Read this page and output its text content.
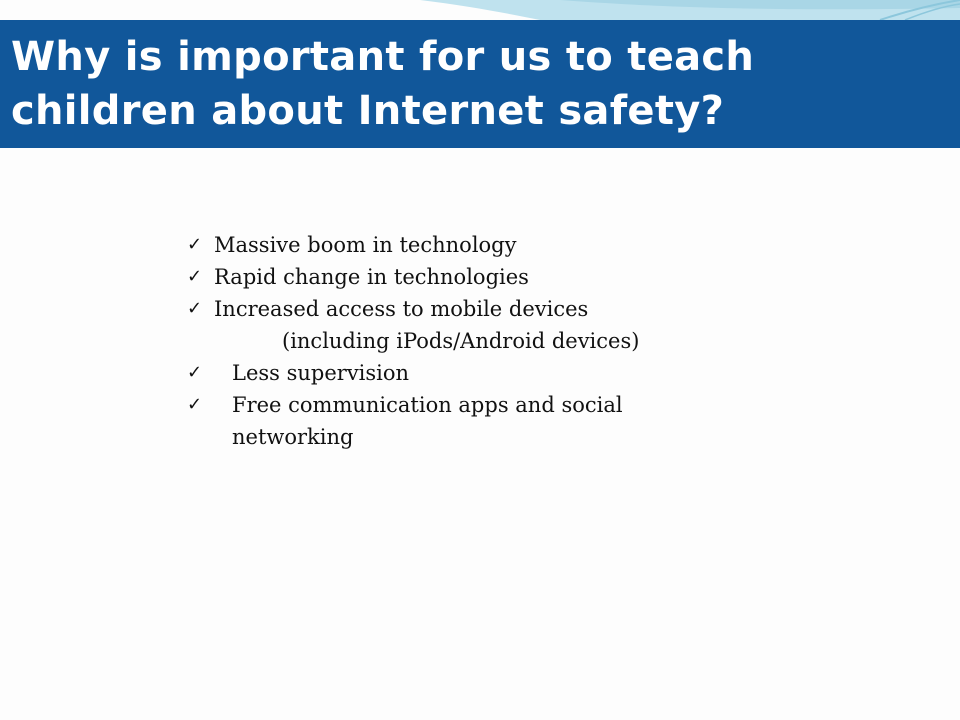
Why is important for us to teach children about Internet safety?
✓ Massive boom in technology
✓ Rapid change in technologies
✓ Increased access to mobile devices
(including iPods/Android devices)
✓ Less supervision
✓ Free communication apps and social networking
